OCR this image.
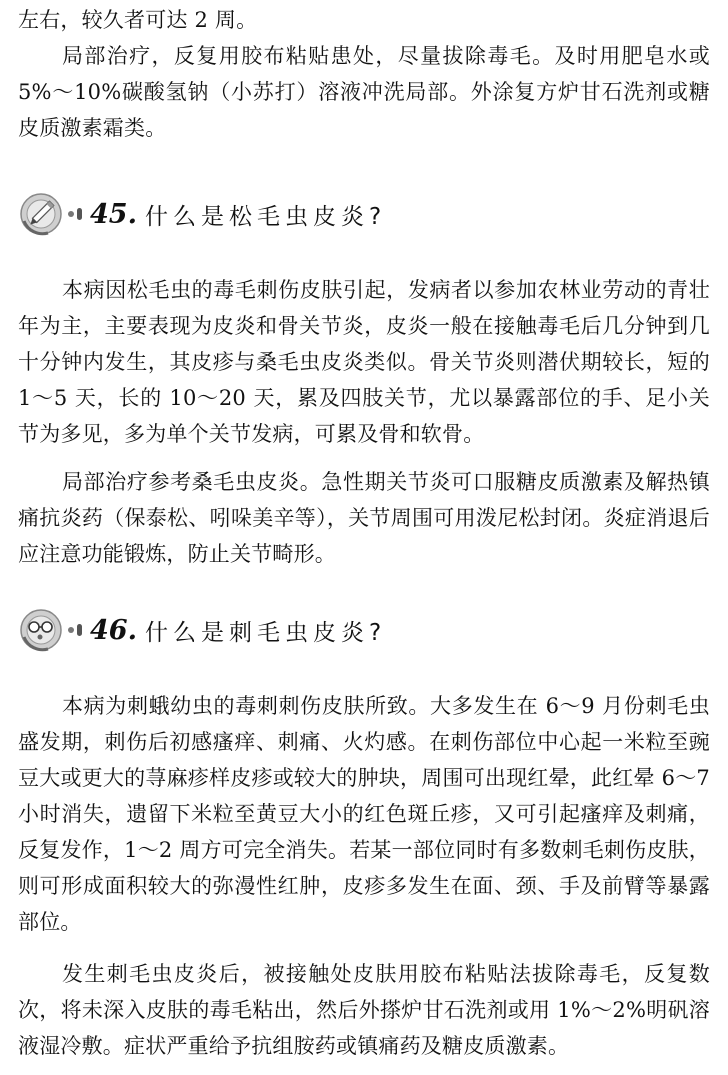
左右，较久者可达 2 周。

局部治疗，反复用胶布粘贴患处，尽量拔除毒毛。及时用肥皂水或 5%～10%碳酸氢钠（小苏打）溶液冲洗局部。外涂复方炉甘石洗剂或糖皮质激素霜类。

45. 什么是松毛虫皮炎?

本病因松毛虫的毒毛刺伤皮肤引起，发病者以参加农林业劳动的青壮年为主，主要表现为皮炎和骨关节炎，皮炎一般在接触毒毛后几分钟到几十分钟内发生，其皮疹与桑毛虫皮炎类似。骨关节炎则潜伏期较长，短的 1～5 天，长的 10～20 天，累及四肢关节，尤以暴露部位的手、足小关节为多见，多为单个关节发病，可累及骨和软骨。

局部治疗参考桑毛虫皮炎。急性期关节炎可口服糖皮质激素及解热镇痛抗炎药（保泰松、吲哚美辛等），关节周围可用泼尼松封闭。炎症消退后应注意功能锻炼，防止关节畸形。

46. 什么是刺毛虫皮炎?

本病为刺蛾幼虫的毒刺刺伤皮肤所致。大多发生在 6～9 月份刺毛虫盛发期，刺伤后初感瘙痒、刺痛、火灼感。在刺伤部位中心起一米粒至豌豆大或更大的荨麻疹样皮疹或较大的肿块，周围可出现红晕，此红晕 6～7 小时消失，遗留下米粒至黄豆大小的红色斑丘疹，又可引起瘙痒及刺痛，反复发作，1～2 周方可完全消失。若某一部位同时有多数刺毛刺伤皮肤，则可形成面积较大的弥漫性红肿，皮疹多发生在面、颈、手及前臂等暴露部位。

发生刺毛虫皮炎后，被接触处皮肤用胶布粘贴法拔除毒毛，反复数次，将未深入皮肤的毒毛粘出，然后外搽炉甘石洗剂或用 1%～2%明矾溶液湿冷敷。症状严重给予抗组胺药或镇痛药及糖皮质激素。
